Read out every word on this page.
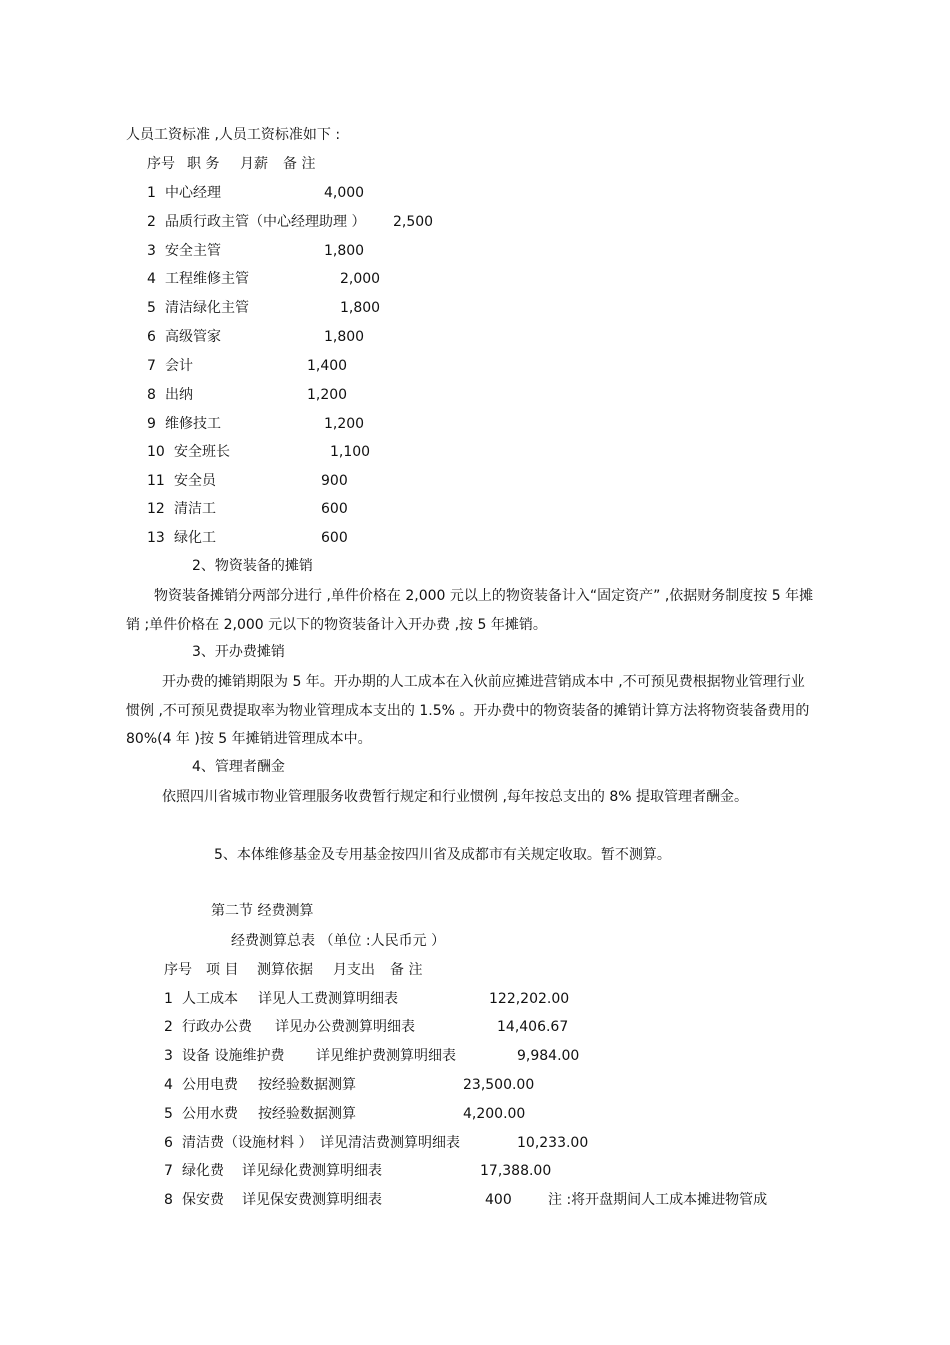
人员工资标准 ,人员工资标准如下 :
序号 职 务 月薪 备 注
1 中心经理	4,000
2 品质行政主管（中心经理助理 ） 2,500
3 安全主管	1,800
4 工程维修主管	2,000
5 清洁绿化主管	1,800
6 高级管家	1,800
7 会计	1,400
8 出纳	1,200
9 维修技工	1,200
10 安全班长	1,100
11 安全员	900
12 清洁工	600
13 绿化工	600
2、物资装备的摊销
物资装备摊销分两部分进行 ,单件价格在 2,000 元以上的物资装备计入“固定资产” ,依据财务制度按 5 年摊销 ;单件价格在 2,000 元以下的物资装备计入开办费 ,按 5 年摊销。
3、开办费摊销
开办费的摊销期限为 5 年。开办期的人工成本在入伙前应摊进营销成本中 ,不可预见费根据物业管理行业惯例 ,不可预见费提取率为物业管理成本支出的 1.5% 。开办费中的物资装备的摊销计算方法将物资装备费用的 80%(4 年 )按 5 年摊销进管理成本中。
4、管理者酬金
依照四川省城市物业管理服务收费暂行规定和行业惯例 ,每年按总支出的 8% 提取管理者酬金。
5、本体维修基金及专用基金按四川省及成都市有关规定收取。暂不测算。
第二节 经费测算
经费测算总表 （单位 :人民币元 ）
序号 项 目 测算依据 月支出 备 注
1 人工成本 详见人工费测算明细表	122,202.00
2 行政办公费 详见办公费测算明细表	14,406.67
3 设备 设施维护费 详见维护费测算明细表	9,984.00
4 公用电费 按经验数据测算	23,500.00
5 公用水费 按经验数据测算	4,200.00
6 清洁费（设施材料 ） 详见清洁费测算明细表	10,233.00
7 绿化费 详见绿化费测算明细表	17,388.00
8 保安费 详见保安费测算明细表	400	注 :将开盘期间人工成本摊进物管成
